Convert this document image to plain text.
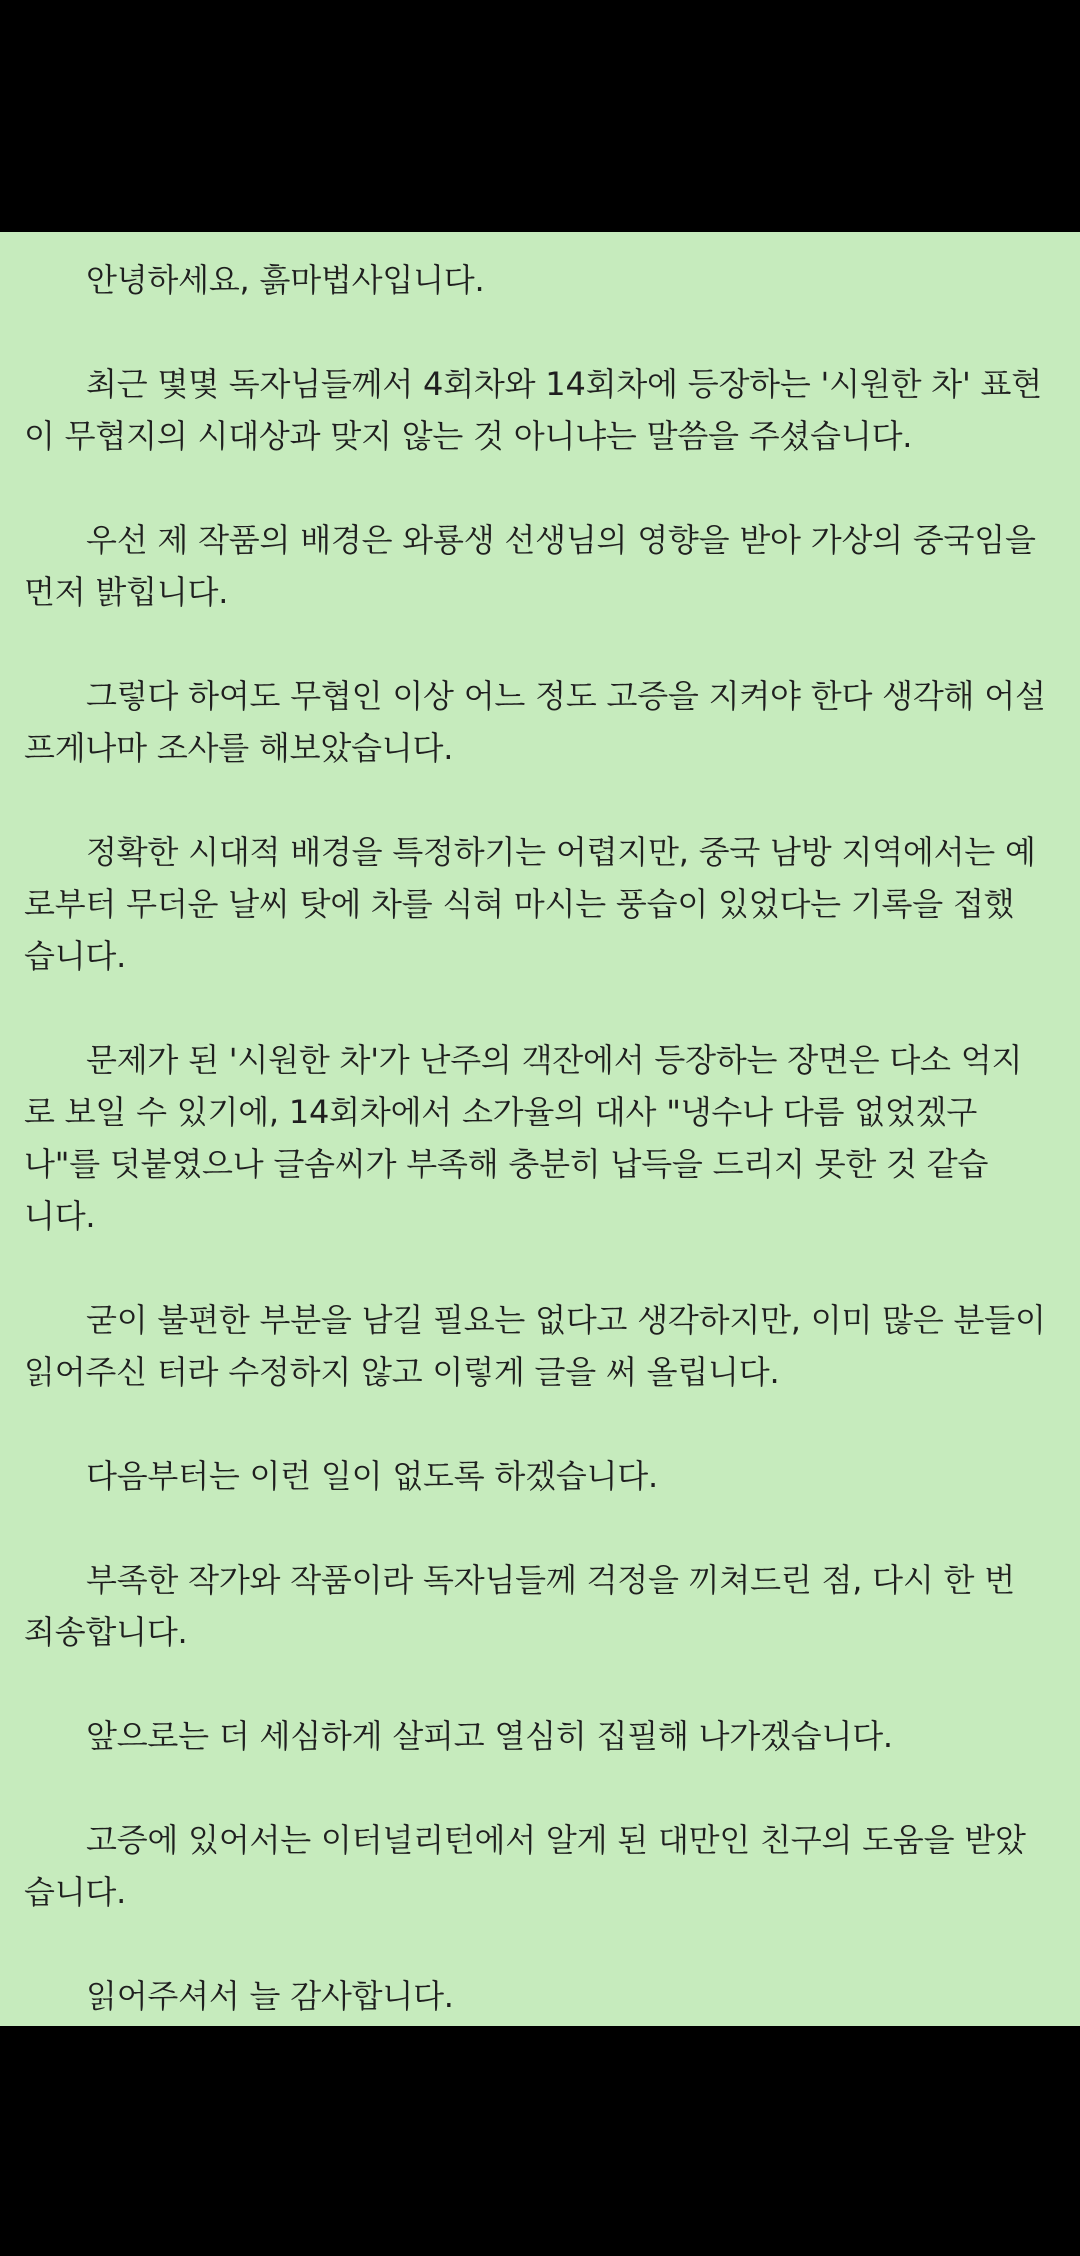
안녕하세요, 흙마법사입니다.

최근 몇몇 독자님들께서 4회차와 14회차에 등장하는 '시원한 차' 표현
이 무협지의 시대상과 맞지 않는 것 아니냐는 말씀을 주셨습니다.

우선 제 작품의 배경은 와룡생 선생님의 영향을 받아 가상의 중국임을
먼저 밝힙니다.

그렇다 하여도 무협인 이상 어느 정도 고증을 지켜야 한다 생각해 어설
프게나마 조사를 해보았습니다.

정확한 시대적 배경을 특정하기는 어렵지만, 중국 남방 지역에서는 예
로부터 무더운 날씨 탓에 차를 식혀 마시는 풍습이 있었다는 기록을 접했
습니다.

문제가 된 '시원한 차'가 난주의 객잔에서 등장하는 장면은 다소 억지
로 보일 수 있기에, 14회차에서 소가율의 대사 "냉수나 다름 없었겠구
나"를 덧붙였으나 글솜씨가 부족해 충분히 납득을 드리지 못한 것 같습
니다.

굳이 불편한 부분을 남길 필요는 없다고 생각하지만, 이미 많은 분들이
읽어주신 터라 수정하지 않고 이렇게 글을 써 올립니다.

다음부터는 이런 일이 없도록 하겠습니다.

부족한 작가와 작품이라 독자님들께 걱정을 끼쳐드린 점, 다시 한 번
죄송합니다.

앞으로는 더 세심하게 살피고 열심히 집필해 나가겠습니다.

고증에 있어서는 이터널리턴에서 알게 된 대만인 친구의 도움을 받았
습니다.

읽어주셔서 늘 감사합니다.
